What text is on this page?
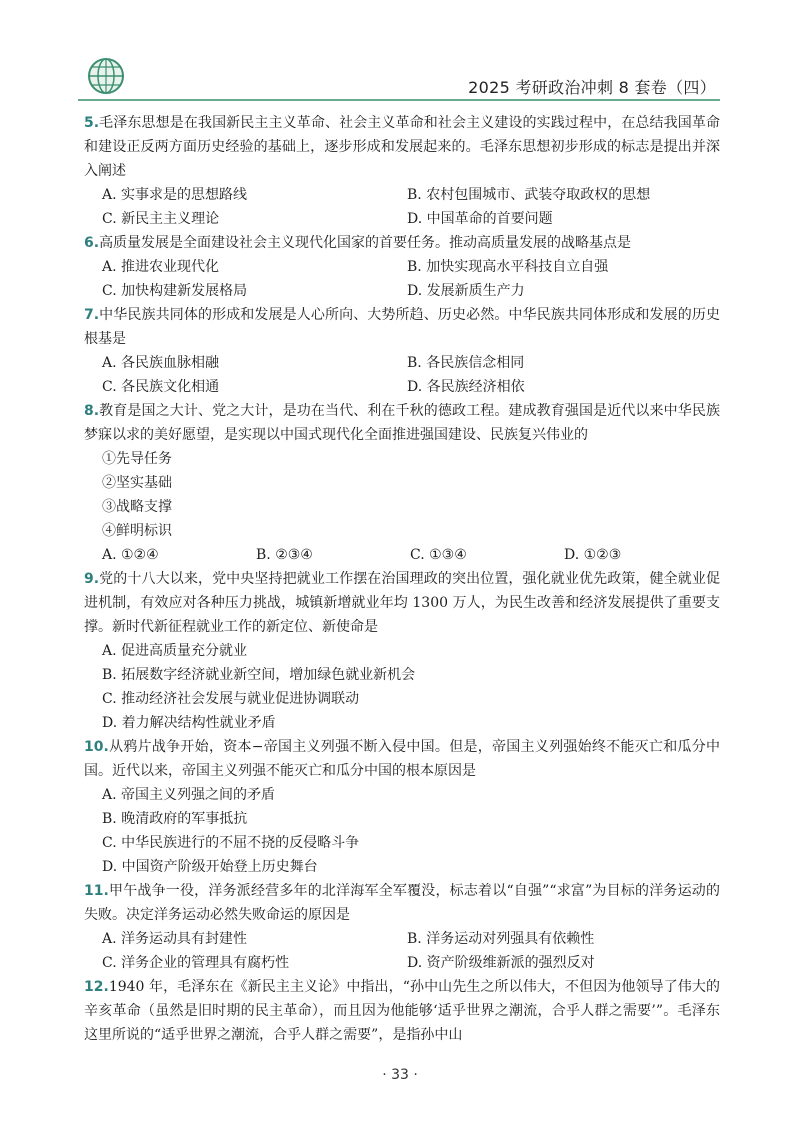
2025 考研政治冲刺 8 套卷（四）
5.毛泽东思想是在我国新民主主义革命、社会主义革命和社会主义建设的实践过程中，在总结我国革命和建设正反两方面历史经验的基础上，逐步形成和发展起来的。毛泽东思想初步形成的标志是提出并深入阐述
A. 实事求是的思想路线	B. 农村包围城市、武装夺取政权的思想
C. 新民主主义理论	D. 中国革命的首要问题
6.高质量发展是全面建设社会主义现代化国家的首要任务。推动高质量发展的战略基点是
A. 推进农业现代化	B. 加快实现高水平科技自立自强
C. 加快构建新发展格局	D. 发展新质生产力
7.中华民族共同体的形成和发展是人心所向、大势所趋、历史必然。中华民族共同体形成和发展的历史根基是
A. 各民族血脉相融	B. 各民族信念相同
C. 各民族文化相通	D. 各民族经济相依
8.教育是国之大计、党之大计，是功在当代、利在千秋的德政工程。建成教育强国是近代以来中华民族梦寐以求的美好愿望，是实现以中国式现代化全面推进强国建设、民族复兴伟业的
①先导任务
②坚实基础
③战略支撑
④鲜明标识
A. ①②④	B. ②③④	C. ①③④	D. ①②③
9.党的十八大以来，党中央坚持把就业工作摆在治国理政的突出位置，强化就业优先政策，健全就业促进机制，有效应对各种压力挑战，城镇新增就业年均 1300 万人，为民生改善和经济发展提供了重要支撑。新时代新征程就业工作的新定位、新使命是
A. 促进高质量充分就业
B. 拓展数字经济就业新空间，增加绿色就业新机会
C. 推动经济社会发展与就业促进协调联动
D. 着力解决结构性就业矛盾
10.从鸦片战争开始，资本−帝国主义列强不断入侵中国。但是，帝国主义列强始终不能灭亡和瓜分中国。近代以来，帝国主义列强不能灭亡和瓜分中国的根本原因是
A. 帝国主义列强之间的矛盾
B. 晚清政府的军事抵抗
C. 中华民族进行的不屈不挠的反侵略斗争
D. 中国资产阶级开始登上历史舞台
11.甲午战争一役，洋务派经营多年的北洋海军全军覆没，标志着以“自强”“求富”为目标的洋务运动的失败。决定洋务运动必然失败命运的原因是
A. 洋务运动具有封建性	B. 洋务运动对列强具有依赖性
C. 洋务企业的管理具有腐朽性	D. 资产阶级维新派的强烈反对
12.1940 年，毛泽东在《新民主主义论》中指出，“孙中山先生之所以伟大，不但因为他领导了伟大的辛亥革命（虽然是旧时期的民主革命），而且因为他能够‘适乎世界之潮流，合乎人群之需要’”。毛泽东这里所说的“适乎世界之潮流，合乎人群之需要”，是指孙中山
· 33 ·
